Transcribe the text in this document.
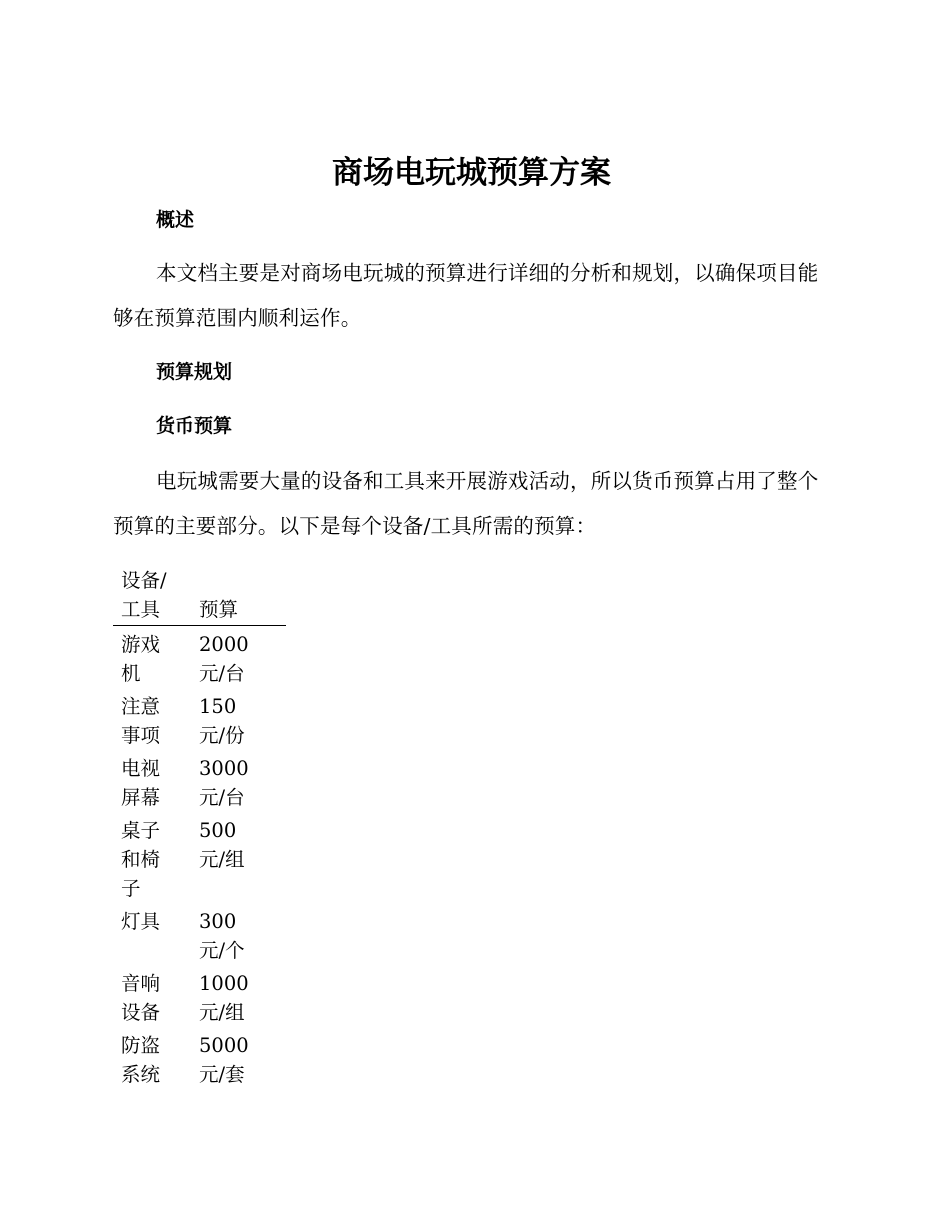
商场电玩城预算方案
概述

本文档主要是对商场电玩城的预算进行详细的分析和规划，以确保项目能够在预算范围内顺利运作。

预算规划
货币预算

电玩城需要大量的设备和工具来开展游戏活动，所以货币预算占用了整个预算的主要部分。以下是每个设备/工具所需的预算：

设备/工具	预算

游戏机	2000 元/台

注意事项	150 元/份

电视屏幕	3000 元/台

桌子和椅子	500 元/组

灯具	300 元/个

音响设备	1000 元/组

防盗系统	5000 元/套
